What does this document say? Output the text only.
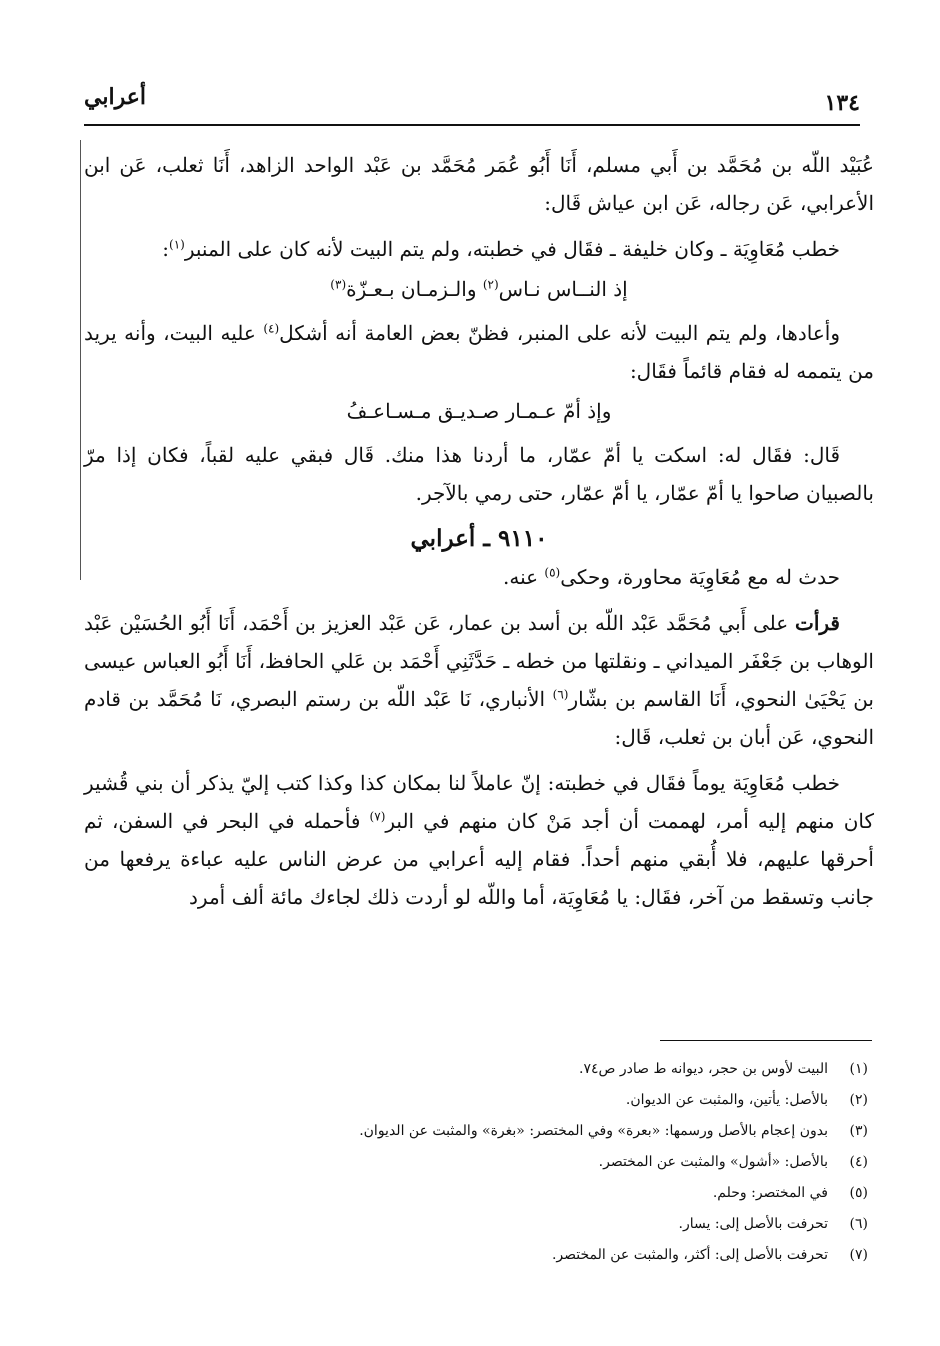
١٣٤
أعرابي

عُبَيْد اللّه بن مُحَمَّد بن أَبي مسلم، أَنَا أَبُو عُمَر مُحَمَّد بن عَبْد الواحد الزاهد، أَنَا ثعلب، عَن ابن الأعرابي، عَن رجاله، عَن ابن عياش قَال:

خطب مُعَاوِيَة ـ وكان خليفة ـ فقَال في خطبته، ولم يتم البيت لأنه كان على المنبر$^{(١)}$:

إذ النــاس نـاس$^{(٢)}$ والـزمـان بـعـزّة$^{(٣)}$

وأعادها، ولم يتم البيت لأنه على المنبر، فظنّ بعض العامة أنه أشكل$^{(٤)}$ عليه البيت، وأنه يريد من يتممه له فقام قائماً فقَال:

وإذ أمّ عـمـار صـديـق مـسـاعـفُ

قَال: فقَال له: اسكت يا أمّ عمّار، ما أردنا هذا منك. قَال فبقي عليه لقباً، فكان إذا مرّ بالصبيان صاحوا يا أمّ عمّار، يا أمّ عمّار، حتى رمي بالآجر.

٩١١٠ ـ أعرابي

حدث له مع مُعَاوِيَة محاورة، وحكى$^{(٥)}$ عنه.

قرأت على أَبي مُحَمَّد عَبْد اللّه بن أسد بن عمار، عَن عَبْد العزيز بن أَحْمَد، أَنَا أَبُو الحُسَيْن عَبْد الوهاب بن جَعْفَر الميداني ـ ونقلتها من خطه ـ حَدَّثَنِي أَحْمَد بن عَلي الحافظ، أَنَا أَبُو العباس عيسى بن يَحْيَىٰ النحوي، أَنَا القاسم بن بشّار$^{(٦)}$ الأنباري، نَا عَبْد اللّه بن رستم البصري، نَا مُحَمَّد بن قادم النحوي، عَن أبان بن ثعلب، قَال:

خطب مُعَاوِيَة يوماً فقَال في خطبته: إنّ عاملاً لنا بمكان كذا وكذا كتب إليّ يذكر أن بني قُشير كان منهم إليه أمر، لهممت أن أجد مَنْ كان منهم في البر$^{(٧)}$ فأحمله في البحر في السفن، ثم أحرقها عليهم، فلا أُبقي منهم أحداً. فقام إليه أعرابي من عرض الناس عليه عباءة يرفعها من جانب وتسقط من آخر، فقَال: يا مُعَاوِيَة، أما واللّه لو أردت ذلك لجاءك مائة ألف أمرد

(١)
البيت لأوس بن حجر، ديوانه ط صادر ص٧٤.
(٢)
بالأصل: يأتين، والمثبت عن الديوان.
(٣)
بدون إعجام بالأصل ورسمها: «بعرة» وفي المختصر: «بغرة» والمثبت عن الديوان.
(٤)
بالأصل: «أشول» والمثبت عن المختصر.
(٥)
في المختصر: وحلم.
(٦)
تحرفت بالأصل إلى: يسار.
(٧)
تحرفت بالأصل إلى: أكثر، والمثبت عن المختصر.
